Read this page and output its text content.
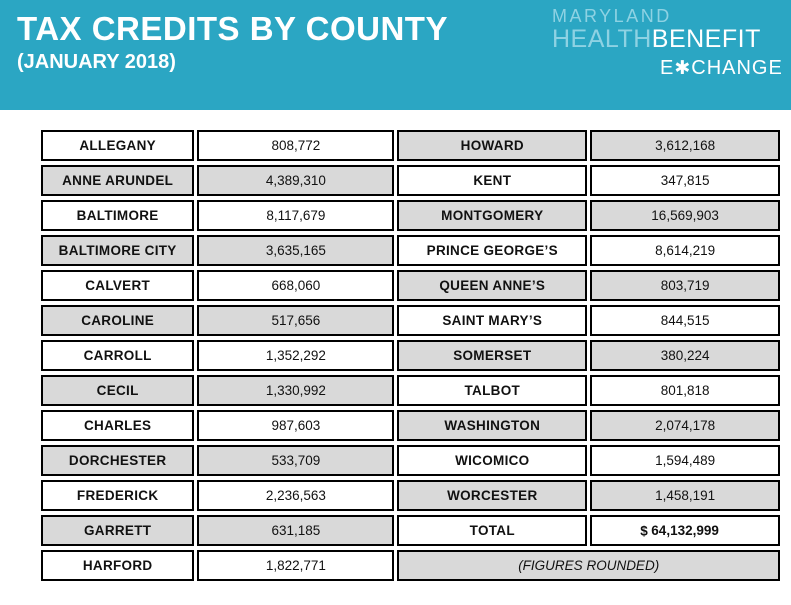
TAX CREDITS BY COUNTY
(JANUARY 2018)
MARYLAND
HEALTHBENEFIT
E✱CHANGE
ALLEGANY	808,772	HOWARD	3,612,168
ANNE ARUNDEL	4,389,310	KENT	347,815
BALTIMORE	8,117,679	MONTGOMERY	16,569,903
BALTIMORE CITY	3,635,165	PRINCE GEORGE’S	8,614,219
CALVERT	668,060	QUEEN ANNE’S	803,719
CAROLINE	517,656	SAINT MARY’S	844,515
CARROLL	1,352,292	SOMERSET	380,224
CECIL	1,330,992	TALBOT	801,818
CHARLES	987,603	WASHINGTON	2,074,178
DORCHESTER	533,709	WICOMICO	1,594,489
FREDERICK	2,236,563	WORCESTER	1,458,191
GARRETT	631,185	TOTAL	$ 64,132,999
HARFORD	1,822,771	(FIGURES ROUNDED)	
